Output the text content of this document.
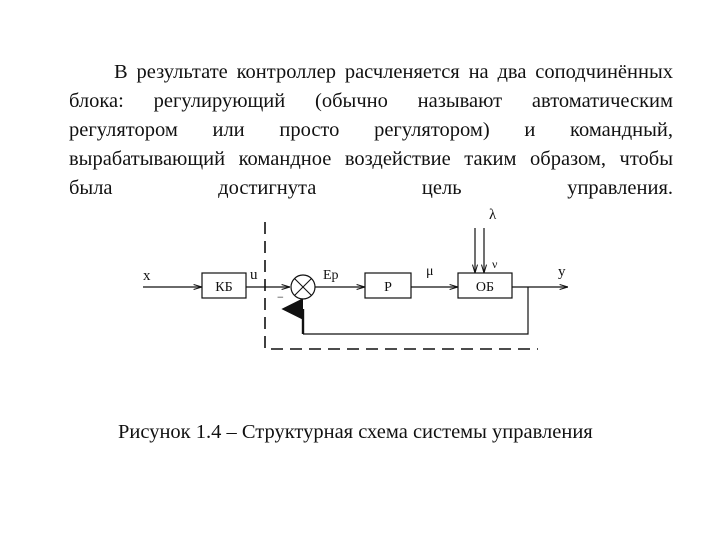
В результате контроллер расчленяется на два соподчинённых блока: регулирующий (обычно называют автоматическим регулятором или просто регулятором) и командный, вырабатывающий командное воздействие таким образом, чтобы была достигнута цель управления.

x
КБ
u
−
Ep
Р
μ
ОБ
λ
ν	y
Рисунок 1.4 – Структурная схема системы управления
